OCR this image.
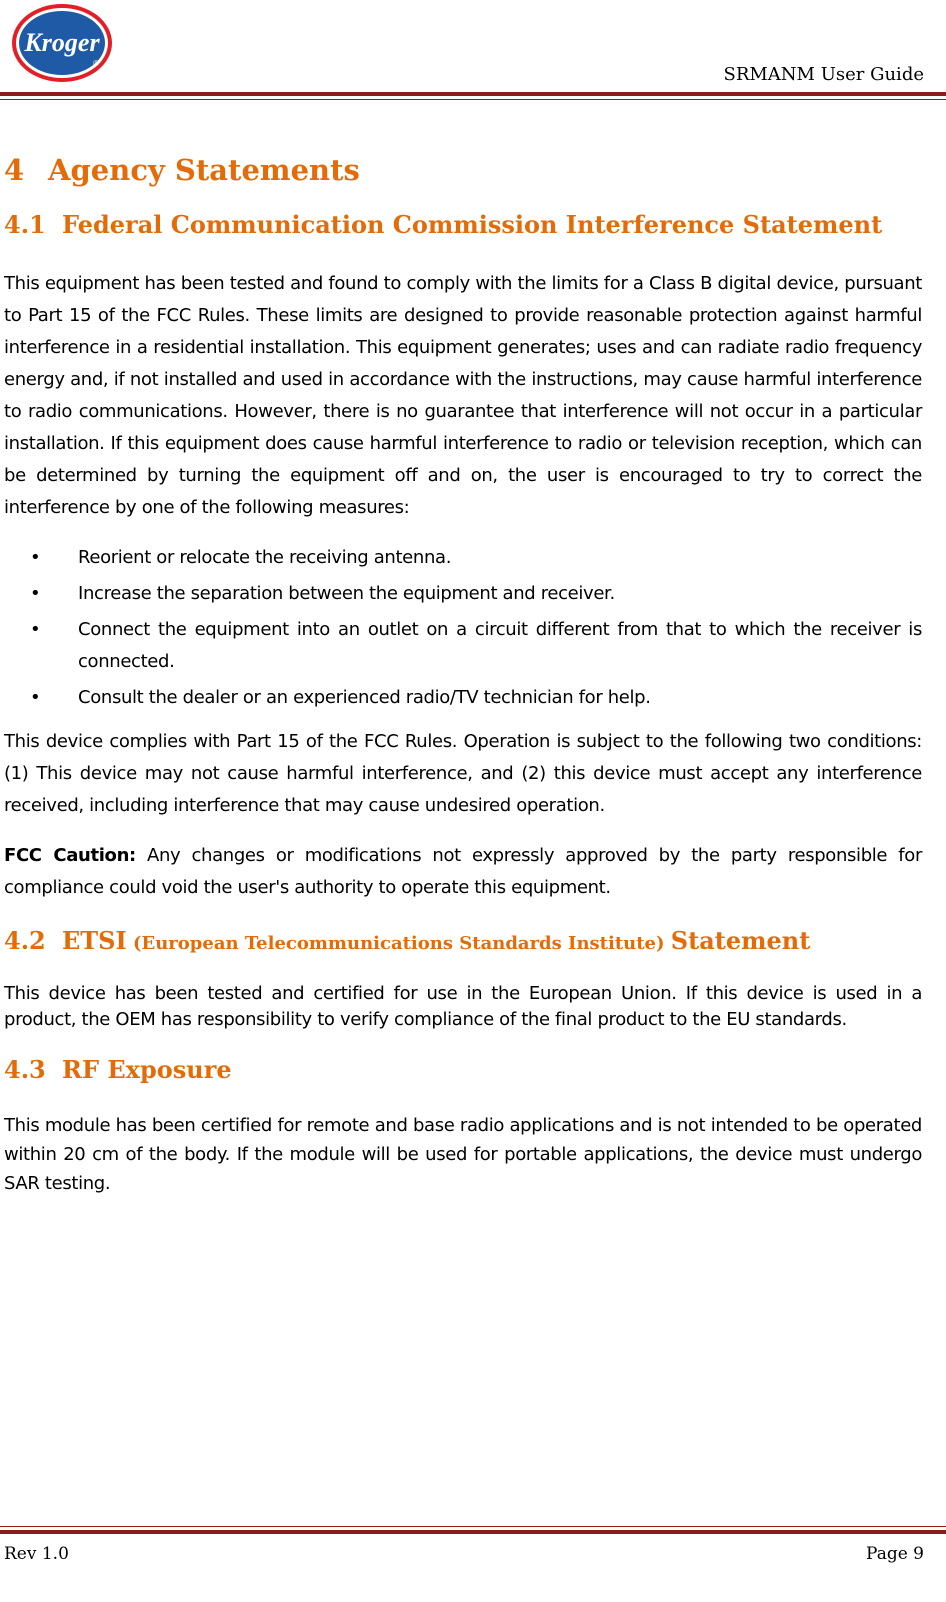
Kroger
®
SRMANM User Guide
4 Agency Statements
4.1 Federal Communication Commission Interference Statement

This equipment has been tested and found to comply with the limits for a Class B digital device, pursuant to Part 15 of the FCC Rules. These limits are designed to provide reasonable protection against harmful interference in a residential installation. This equipment generates; uses and can radiate radio frequency energy and, if not installed and used in accordance with the instructions, may cause harmful interference to radio communications. However, there is no guarantee that interference will not occur in a particular installation. If this equipment does cause harmful interference to radio or television reception, which can be determined by turning the equipment off and on, the user is encouraged to try to correct the interference by one of the following measures:

• Reorient or relocate the receiving antenna.
• Increase the separation between the equipment and receiver.
• Connect the equipment into an outlet on a circuit different from that to which the receiver is connected.
• Consult the dealer or an experienced radio/TV technician for help.

This device complies with Part 15 of the FCC Rules. Operation is subject to the following two conditions: (1) This device may not cause harmful interference, and (2) this device must accept any interference received, including interference that may cause undesired operation.

FCC Caution: Any changes or modifications not expressly approved by the party responsible for compliance could void the user's authority to operate this equipment.

4.2 ETSI (European Telecommunications Standards Institute) Statement

This device has been tested and certified for use in the European Union. If this device is used in a product, the OEM has responsibility to verify compliance of the final product to the EU standards.

4.3 RF Exposure

This module has been certified for remote and base radio applications and is not intended to be operated within 20 cm of the body. If the module will be used for portable applications, the device must undergo SAR testing.

Rev 1.0	Page 9
